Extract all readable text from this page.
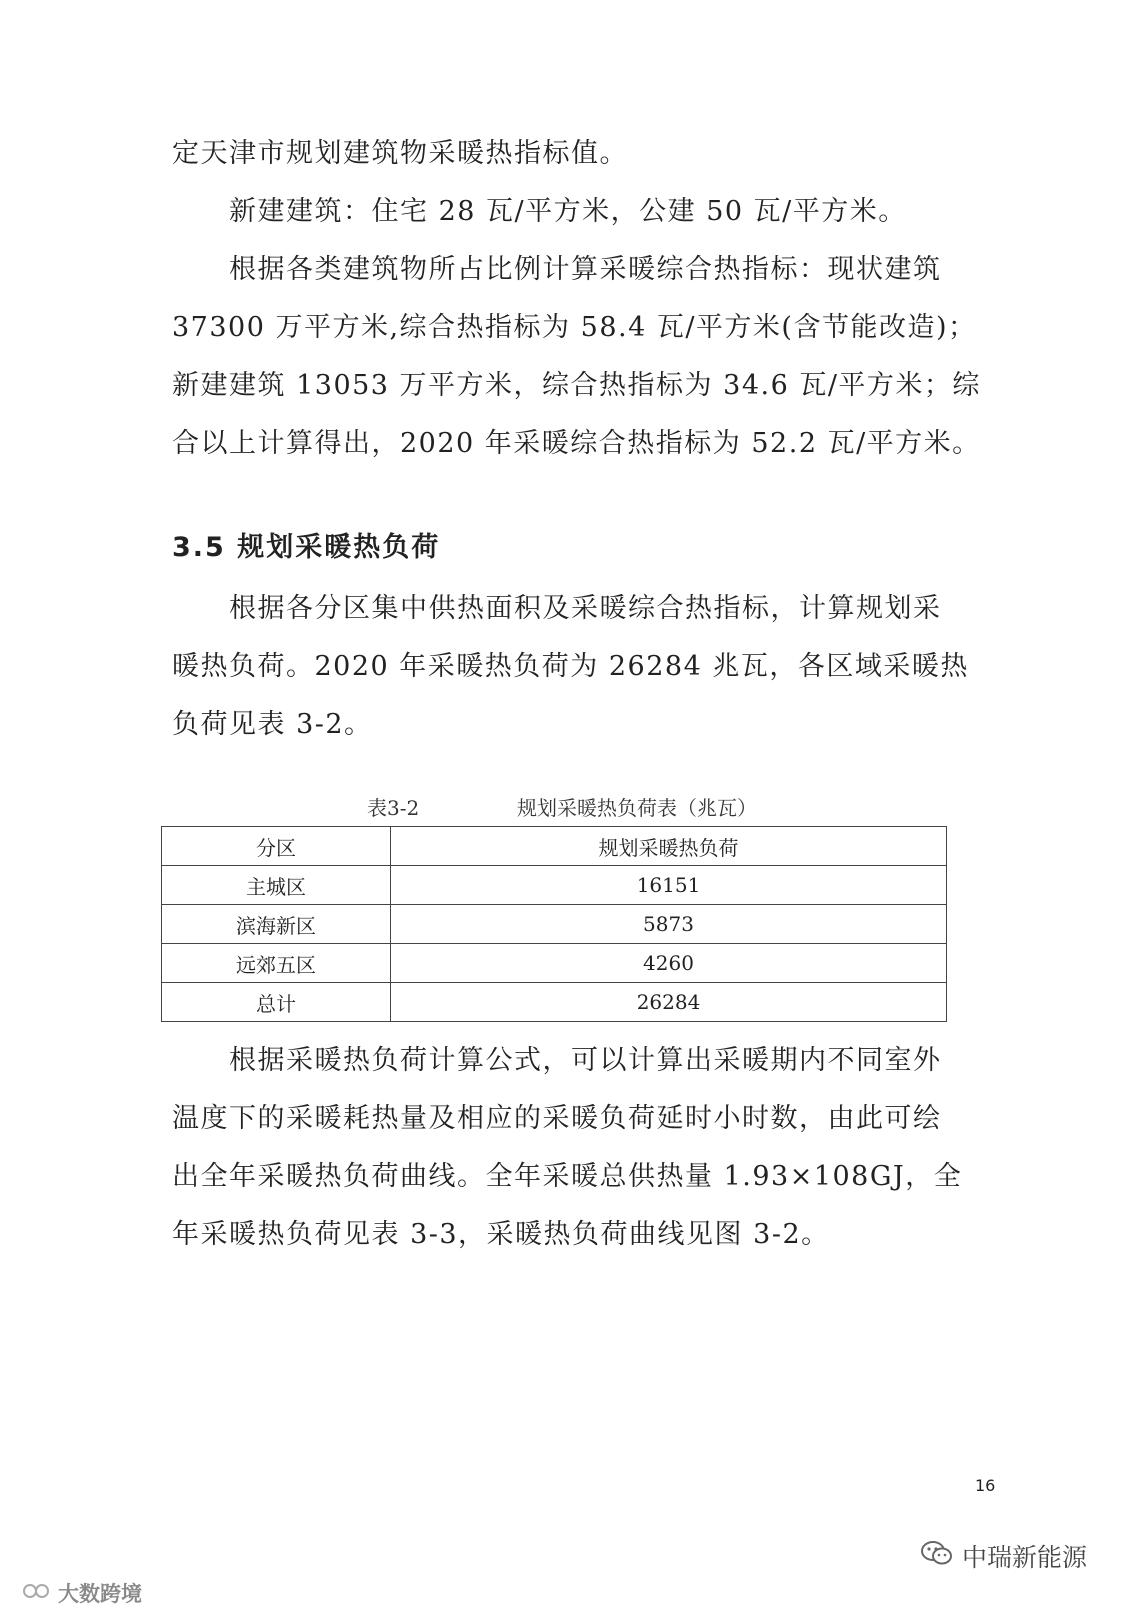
定天津市规划建筑物采暖热指标值。

　　新建建筑：住宅 28 瓦/平方米，公建 50 瓦/平方米。

　　根据各类建筑物所占比例计算采暖综合热指标：现状建筑
37300 万平方米,综合热指标为 58.4 瓦/平方米(含节能改造)；
新建建筑 13053 万平方米，综合热指标为 34.6 瓦/平方米；综
合以上计算得出，2020 年采暖综合热指标为 52.2 瓦/平方米。

3.5 规划采暖热负荷

　　根据各分区集中供热面积及采暖综合热指标，计算规划采
暖热负荷。2020 年采暖热负荷为 26284 兆瓦，各区域采暖热
负荷见表 3-2。

表3-2	规划采暖热负荷表（兆瓦）
分区	规划采暖热负荷
主城区	16151
滨海新区	5873
远郊五区	4260
总计	26284

　　根据采暖热负荷计算公式，可以计算出采暖期内不同室外
温度下的采暖耗热量及相应的采暖负荷延时小时数，由此可绘
出全年采暖热负荷曲线。全年采暖总供热量 1.93×108GJ，全
年采暖热负荷见表 3-3，采暖热负荷曲线见图 3-2。

16
中瑞新能源
大数跨境
